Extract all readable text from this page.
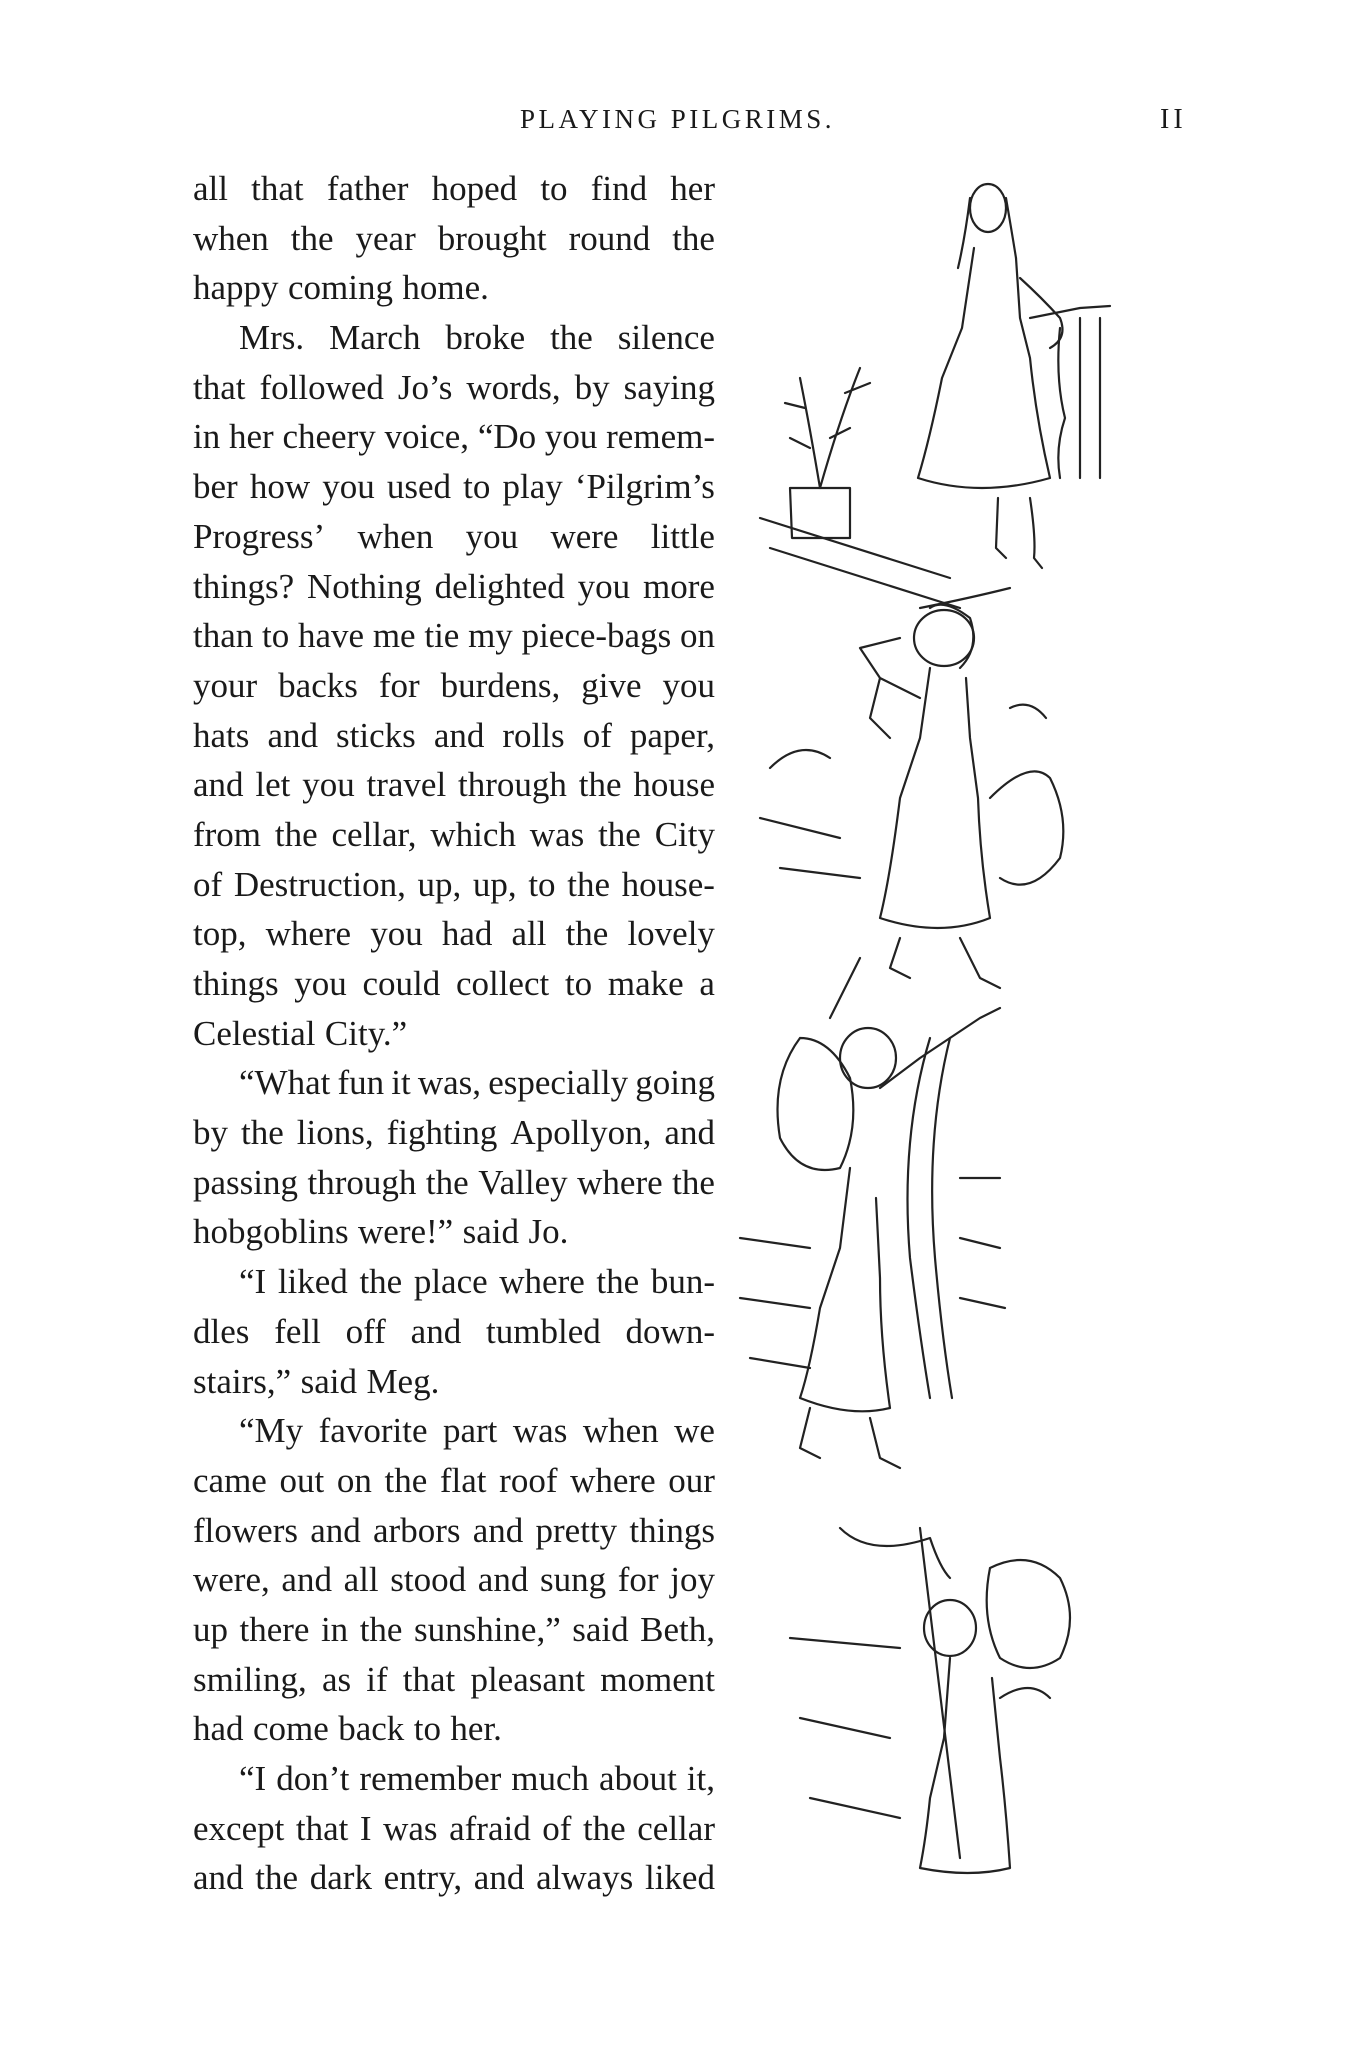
PLAYING PILGRIMS.	II
all that father hoped to find her
when the year brought round the
happy coming home.
Mrs. March broke the silence
that followed Jo’s words, by saying
in her cheery voice, “Do you remem-
ber how you used to play ‘Pilgrim’s
Progress’ when you were little
things? Nothing delighted you more
than to have me tie my piece-bags on
your backs for burdens, give you
hats and sticks and rolls of paper,
and let you travel through the house
from the cellar, which was the City
of Destruction, up, up, to the house-
top, where you had all the lovely
things you could collect to make a
Celestial City.”
“What fun it was, especially going
by the lions, fighting Apollyon, and
passing through the Valley where the
hobgoblins were!” said Jo.
“I liked the place where the bun-
dles fell off and tumbled down-
stairs,” said Meg.
“My favorite part was when we
came out on the flat roof where our
flowers and arbors and pretty things
were, and all stood and sung for joy
up there in the sunshine,” said Beth,
smiling, as if that pleasant moment
had come back to her.
“I don’t remember much about it,
except that I was afraid of the cellar
and the dark entry, and always liked
